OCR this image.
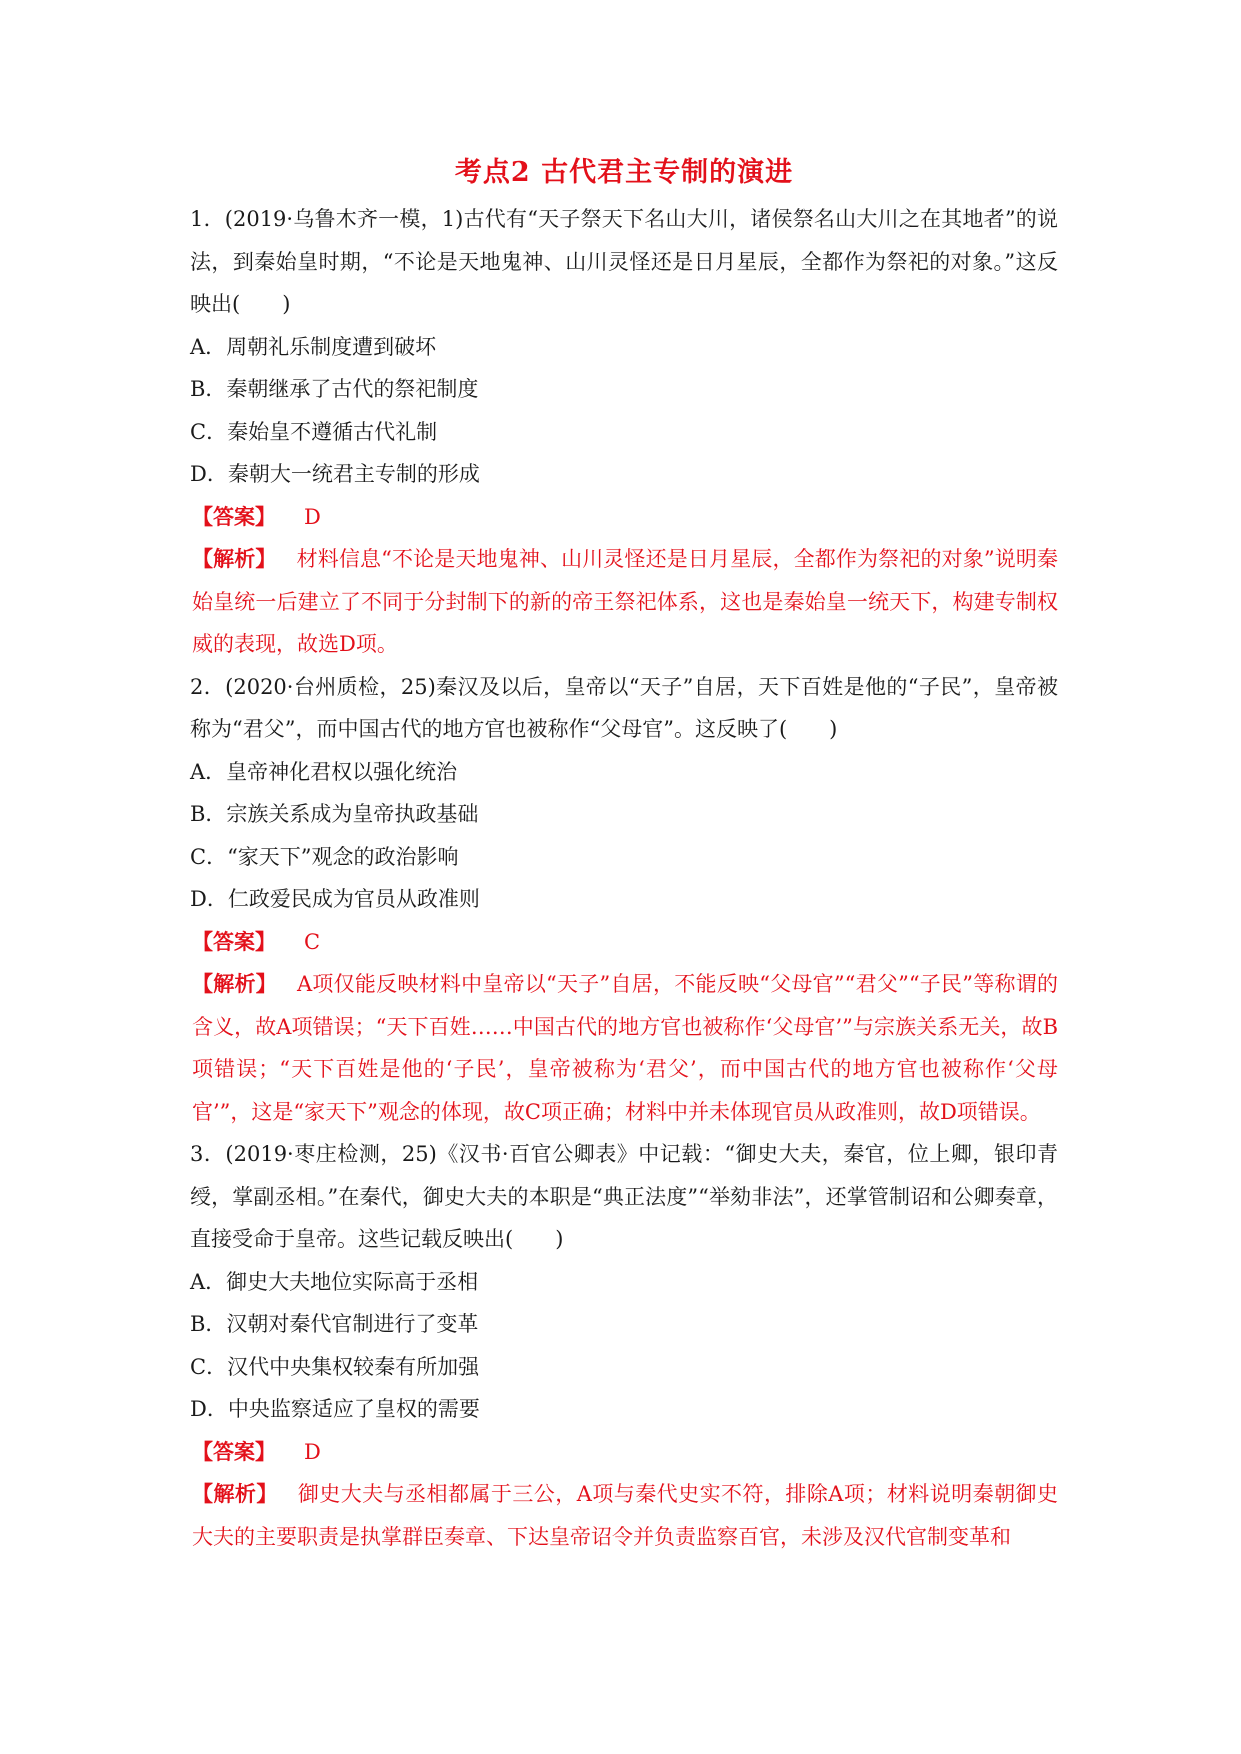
考点2 古代君主专制的演进

1．(2019·乌鲁木齐一模，1)古代有“天子祭天下名山大川，诸侯祭名山大川之在其地者”的说法，到秦始皇时期，“不论是天地鬼神、山川灵怪还是日月星辰，全都作为祭祀的对象。”这反映出(　　)

A．周朝礼乐制度遭到破坏

B．秦朝继承了古代的祭祀制度

C．秦始皇不遵循古代礼制

D．秦朝大一统君主专制的形成

【答案】 D
【解析】 材料信息“不论是天地鬼神、山川灵怪还是日月星辰，全都作为祭祀的对象”说明秦始皇统一后建立了不同于分封制下的新的帝王祭祀体系，这也是秦始皇一统天下，构建专制权威的表现，故选D项。

2．(2020·台州质检，25)秦汉及以后，皇帝以“天子”自居，天下百姓是他的“子民”，皇帝被称为“君父”，而中国古代的地方官也被称作“父母官”。这反映了(　　)

A．皇帝神化君权以强化统治

B．宗族关系成为皇帝执政基础

C．“家天下”观念的政治影响

D．仁政爱民成为官员从政准则

【答案】 C
【解析】 A项仅能反映材料中皇帝以“天子”自居，不能反映“父母官”“君父”“子民”等称谓的含义，故A项错误；“天下百姓……中国古代的地方官也被称作‘父母官’”与宗族关系无关，故B项错误；“天下百姓是他的‘子民’，皇帝被称为‘君父’，而中国古代的地方官也被称作‘父母官’”，这是“家天下”观念的体现，故C项正确；材料中并未体现官员从政准则，故D项错误。

3．(2019·枣庄检测，25)《汉书·百官公卿表》中记载：“御史大夫，秦官，位上卿，银印青绶，掌副丞相。”在秦代，御史大夫的本职是“典正法度”“举劾非法”，还掌管制诏和公卿奏章，直接受命于皇帝。这些记载反映出(　　)

A．御史大夫地位实际高于丞相

B．汉朝对秦代官制进行了变革

C．汉代中央集权较秦有所加强

D．中央监察适应了皇权的需要

【答案】 D
【解析】 御史大夫与丞相都属于三公，A项与秦代史实不符，排除A项；材料说明秦朝御史大夫的主要职责是执掌群臣奏章、下达皇帝诏令并负责监察百官，未涉及汉代官制变革和
